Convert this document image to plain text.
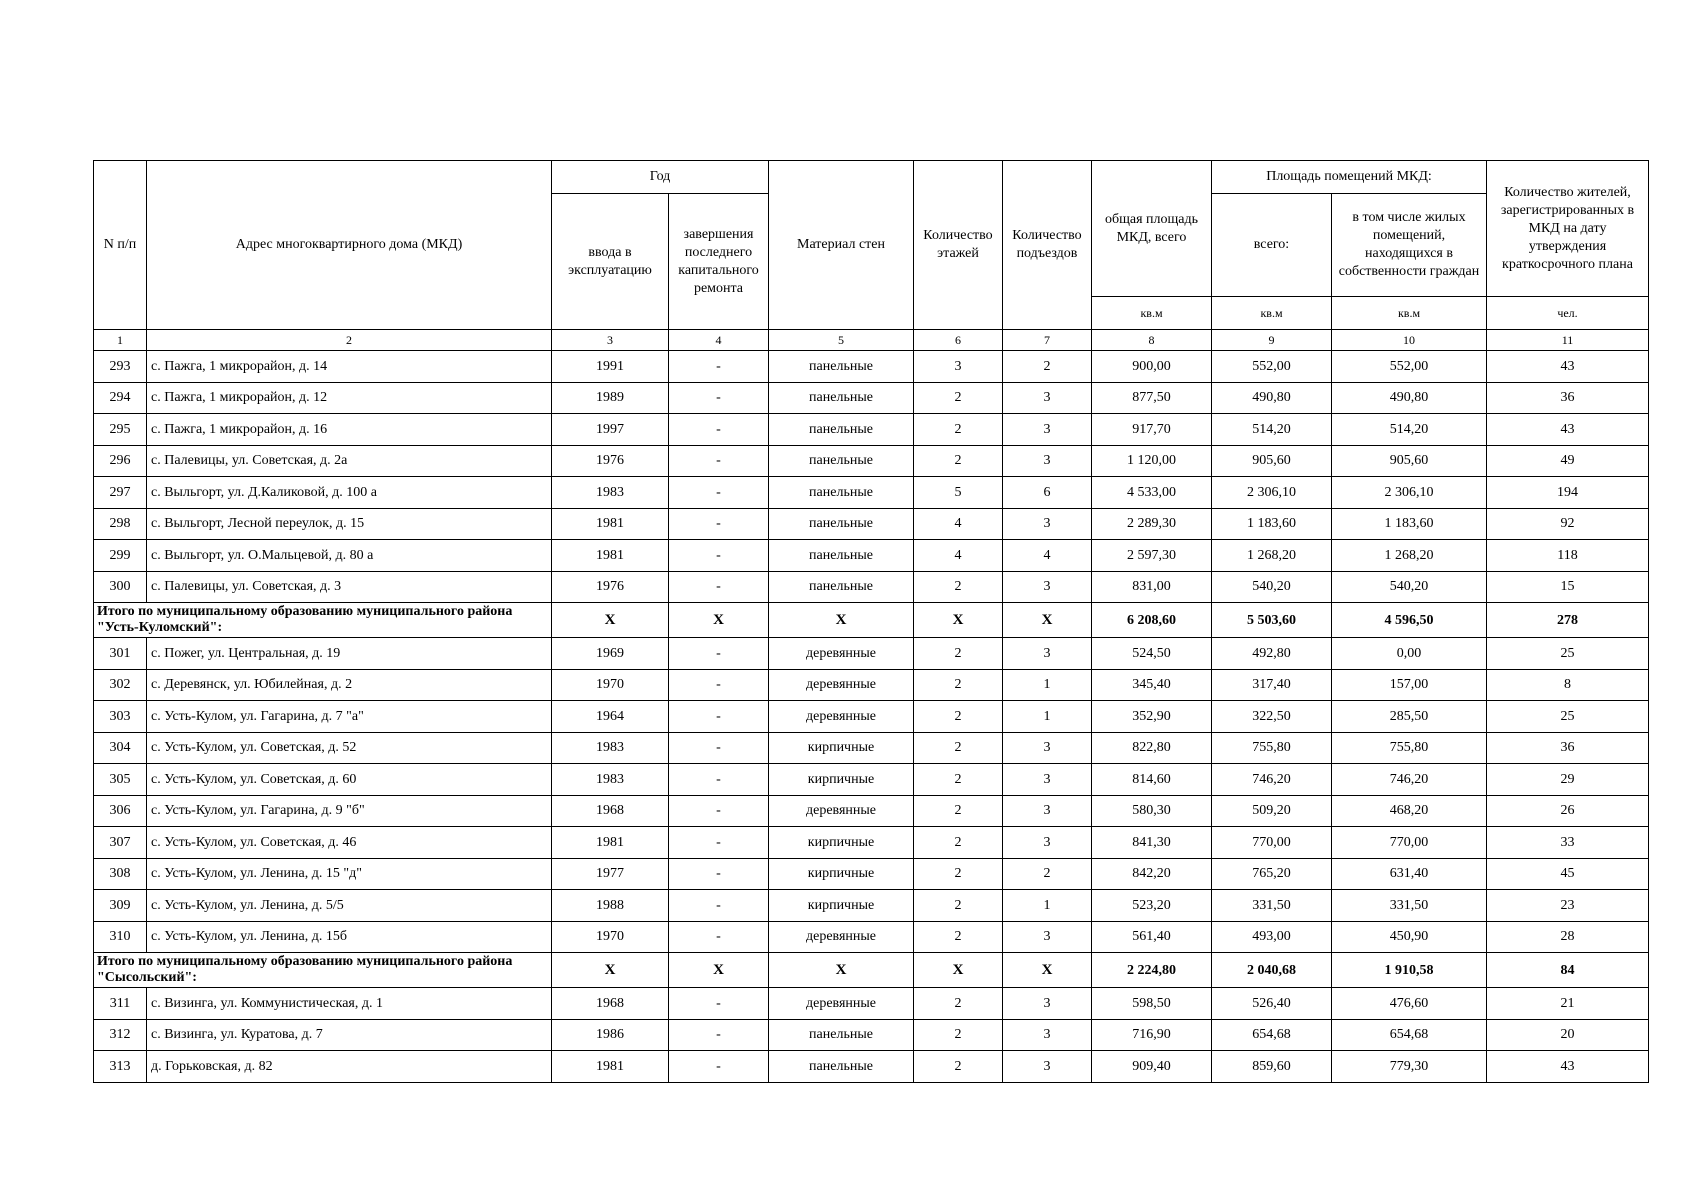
N п/п	Адрес многоквартирного дома (МКД)	Год		Материал стен	Количество этажей	Количество подъездов	общая площадь МКД, всего	Площадь помещений МКД:		Количество жителей, зарегистрированных в МКД на дату утверждения краткосрочного плана
		ввода в эксплуатацию	завершения последнего капитального ремонта					всего:	в том числе жилых помещений, находящихся в собственности граждан	
							кв.м	кв.м	кв.м	чел.
1	2	3	4	5	6	7	8	9	10	11
293	с. Пажга, 1 микрорайон, д. 14	1991	-	панельные	3	2	900,00	552,00	552,00	43
294	с. Пажга, 1 микрорайон, д. 12	1989	-	панельные	2	3	877,50	490,80	490,80	36
295	с. Пажга, 1 микрорайон, д. 16	1997	-	панельные	2	3	917,70	514,20	514,20	43
296	с. Палевицы, ул. Советская, д. 2а	1976	-	панельные	2	3	1 120,00	905,60	905,60	49
297	с. Выльгорт, ул. Д.Каликовой, д. 100 а	1983	-	панельные	5	6	4 533,00	2 306,10	2 306,10	194
298	с. Выльгорт, Лесной переулок, д. 15	1981	-	панельные	4	3	2 289,30	1 183,60	1 183,60	92
299	с. Выльгорт, ул. О.Мальцевой, д. 80 а	1981	-	панельные	4	4	2 597,30	1 268,20	1 268,20	118
300	с. Палевицы, ул. Советская, д. 3	1976	-	панельные	2	3	831,00	540,20	540,20	15
Итого по муниципальному образованию муниципального района "Усть-Куломский":		X	X	X	X	X	6 208,60	5 503,60	4 596,50	278
301	с. Пожег, ул. Центральная, д. 19	1969	-	деревянные	2	3	524,50	492,80	0,00	25
302	с. Деревянск, ул. Юбилейная, д. 2	1970	-	деревянные	2	1	345,40	317,40	157,00	8
303	с. Усть-Кулом, ул. Гагарина, д. 7 "а"	1964	-	деревянные	2	1	352,90	322,50	285,50	25
304	с. Усть-Кулом, ул. Советская, д. 52	1983	-	кирпичные	2	3	822,80	755,80	755,80	36
305	с. Усть-Кулом, ул. Советская, д. 60	1983	-	кирпичные	2	3	814,60	746,20	746,20	29
306	с. Усть-Кулом, ул. Гагарина, д. 9 "б"	1968	-	деревянные	2	3	580,30	509,20	468,20	26
307	с. Усть-Кулом, ул. Советская, д. 46	1981	-	кирпичные	2	3	841,30	770,00	770,00	33
308	с. Усть-Кулом, ул. Ленина, д. 15 "д"	1977	-	кирпичные	2	2	842,20	765,20	631,40	45
309	с. Усть-Кулом, ул. Ленина, д. 5/5	1988	-	кирпичные	2	1	523,20	331,50	331,50	23
310	с. Усть-Кулом, ул. Ленина, д. 15б	1970	-	деревянные	2	3	561,40	493,00	450,90	28
Итого по муниципальному образованию муниципального района "Сысольский":		X	X	X	X	X	2 224,80	2 040,68	1 910,58	84
311	с. Визинга, ул. Коммунистическая, д. 1	1968	-	деревянные	2	3	598,50	526,40	476,60	21
312	с. Визинга, ул. Куратова, д. 7	1986	-	панельные	2	3	716,90	654,68	654,68	20
313	д. Горьковская, д. 82	1981	-	панельные	2	3	909,40	859,60	779,30	43
